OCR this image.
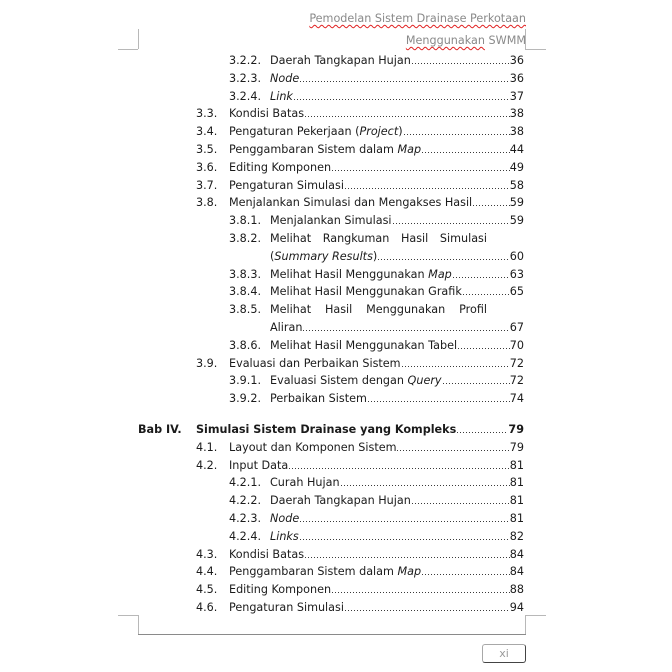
Pemodelan Sistem Drainase Perkotaan
Menggunakan SWMM
3.2.2. Daerah Tangkapan Hujan	36
3.2.3. Node	36
3.2.4. Link	37
3.3. Kondisi Batas	38
3.4. Pengaturan Pekerjaan (Project)	38
3.5. Penggambaran Sistem dalam Map	44
3.6. Editing Komponen	49
3.7. Pengaturan Simulasi	58
3.8. Menjalankan Simulasi dan Mengakses Hasil	59
3.8.1. Menjalankan Simulasi	59
3.8.2. Melihat Rangkuman Hasil Simulasi
(Summary Results)	60
3.8.3. Melihat Hasil Menggunakan Map	63
3.8.4. Melihat Hasil Menggunakan Grafik	65
3.8.5. Melihat Hasil Menggunakan Profil
Aliran	67
3.8.6. Melihat Hasil Menggunakan Tabel	70
3.9. Evaluasi dan Perbaikan Sistem	72
3.9.1. Evaluasi Sistem dengan Query	72
3.9.2. Perbaikan Sistem	74
Bab IV. Simulasi Sistem Drainase yang Kompleks	79
4.1. Layout dan Komponen Sistem	79
4.2. Input Data	81
4.2.1. Curah Hujan	81
4.2.2. Daerah Tangkapan Hujan	81
4.2.3. Node	81
4.2.4. Links	82
4.3. Kondisi Batas	84
4.4. Penggambaran Sistem dalam Map	84
4.5. Editing Komponen	88
4.6. Pengaturan Simulasi	94
xi
